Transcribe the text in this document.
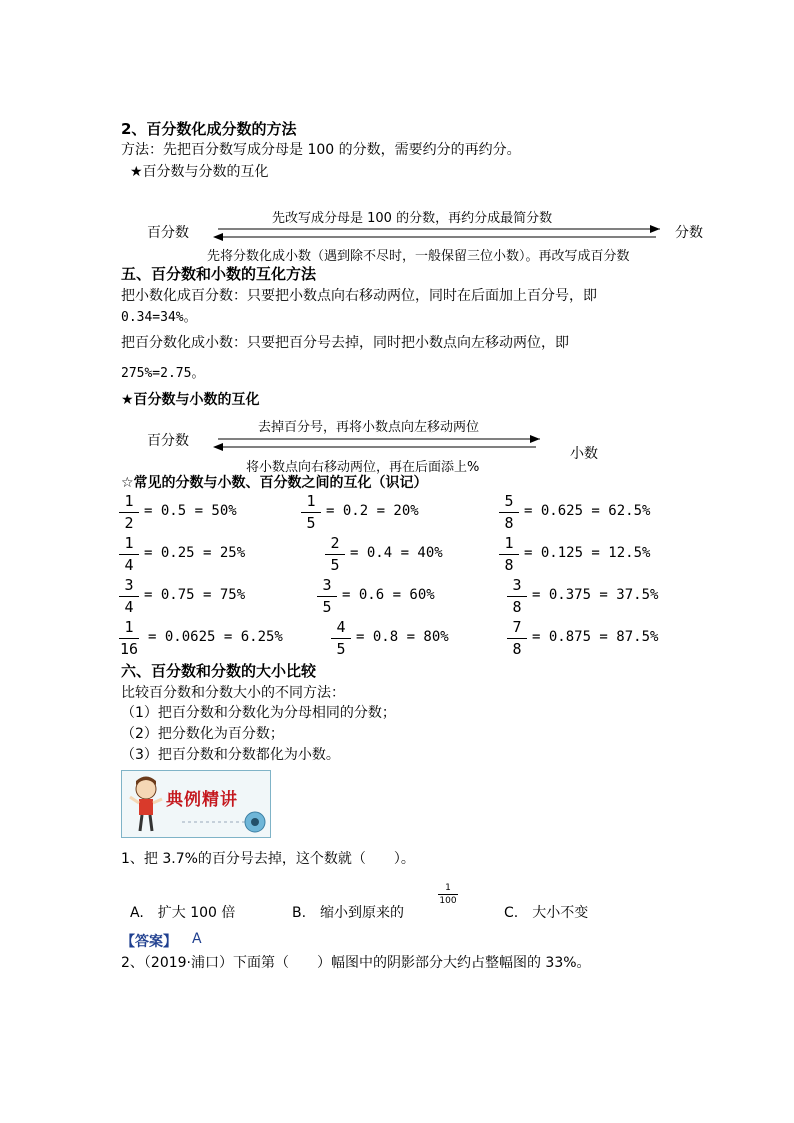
2、百分数化成分数的方法
方法：先把百分数写成分母是 100 的分数，需要约分的再约分。
★百分数与分数的互化
百分数	分数
先改写成分母是 100 的分数，再约分成最简分数
先将分数化成小数（遇到除不尽时，一般保留三位小数）。再改写成百分数
五、百分数和小数的互化方法
把小数化成百分数：只要把小数点向右移动两位，同时在后面加上百分号，即
0.34=34%。
把百分数化成小数：只要把百分号去掉，同时把小数点向左移动两位，即
275%=2.75。
★百分数与小数的互化
百分数
小数
去掉百分号，再将小数点向左移动两位
将小数点向右移动两位，再在后面添上%
☆常见的分数与小数、百分数之间的互化（识记）
1
2
= 0.5 = 50%
1
5
= 0.2 = 20%
5
8
= 0.625 = 62.5%
1
4
= 0.25 = 25%
2
5
= 0.4 = 40%
1
8
= 0.125 = 12.5%
3
4
= 0.75 = 75%
3
5
= 0.6 = 60%
3
8
= 0.375 = 37.5%
1
16
= 0.0625 = 6.25%
4
5
= 0.8 = 80%
7
8
= 0.875 = 87.5%
六、百分数和分数的大小比较
比较百分数和分数大小的不同方法：
（1）把百分数和分数化为分母相同的分数；
（2）把分数化为百分数；
（3）把百分数和分数都化为小数。
典例精讲
1、把 3.7%的百分号去掉，这个数就（　　）。
A.　扩大 100 倍	B.　缩小到原来的
1
100
C.　大小不变
【答案】 A
2、（2019·浦口）下面第（　　）幅图中的阴影部分大约占整幅图的 33%。
